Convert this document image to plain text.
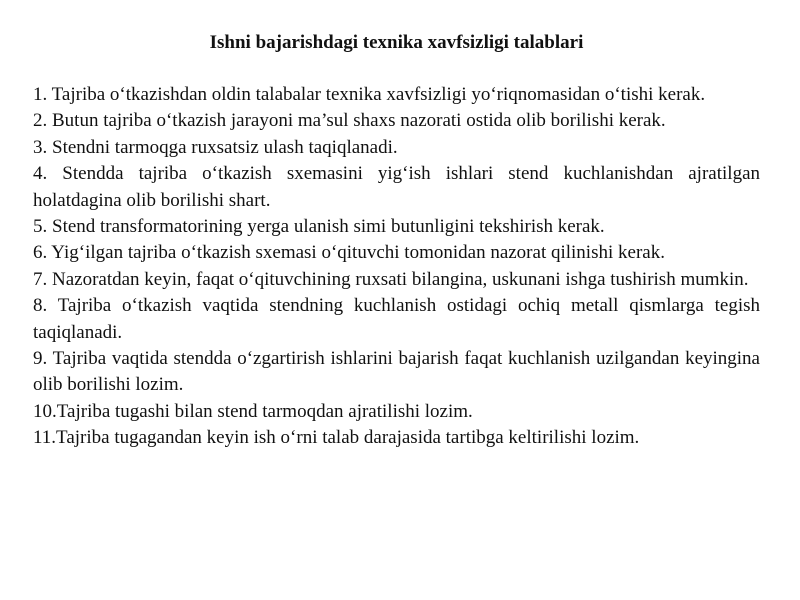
Ishni bajarishdagi texnika xavfsizligi talablari
1. Tajriba o‘tkazishdan oldin talabalar texnika xavfsizligi yo‘riqnomasidan o‘tishi kerak.
2. Butun tajriba o‘tkazish jarayoni ma’sul shaxs nazorati ostida olib borilishi kerak.
3. Stendni tarmoqga ruxsatsiz ulash taqiqlanadi.
4. Stendda tajriba o‘tkazish sxemasini yig‘ish ishlari stend kuchlanishdan ajratilgan holatdagina olib borilishi shart.
5. Stend transformatorining yerga ulanish simi butunligini tekshirish kerak.
6. Yig‘ilgan tajriba o‘tkazish sxemasi o‘qituvchi tomonidan nazorat qilinishi kerak.
7. Nazoratdan keyin, faqat o‘qituvchining ruxsati bilangina, uskunani ishga tushirish mumkin.
8. Tajriba o‘tkazish vaqtida stendning kuchlanish ostidagi ochiq metall qismlarga tegish taqiqlanadi.
9. Tajriba vaqtida stendda o‘zgartirish ishlarini bajarish faqat kuchlanish uzilgandan keyingina olib borilishi lozim.
10.Tajriba tugashi bilan stend tarmoqdan ajratilishi lozim.
11.Tajriba tugagandan keyin ish o‘rni talab darajasida tartibga keltirilishi lozim.
